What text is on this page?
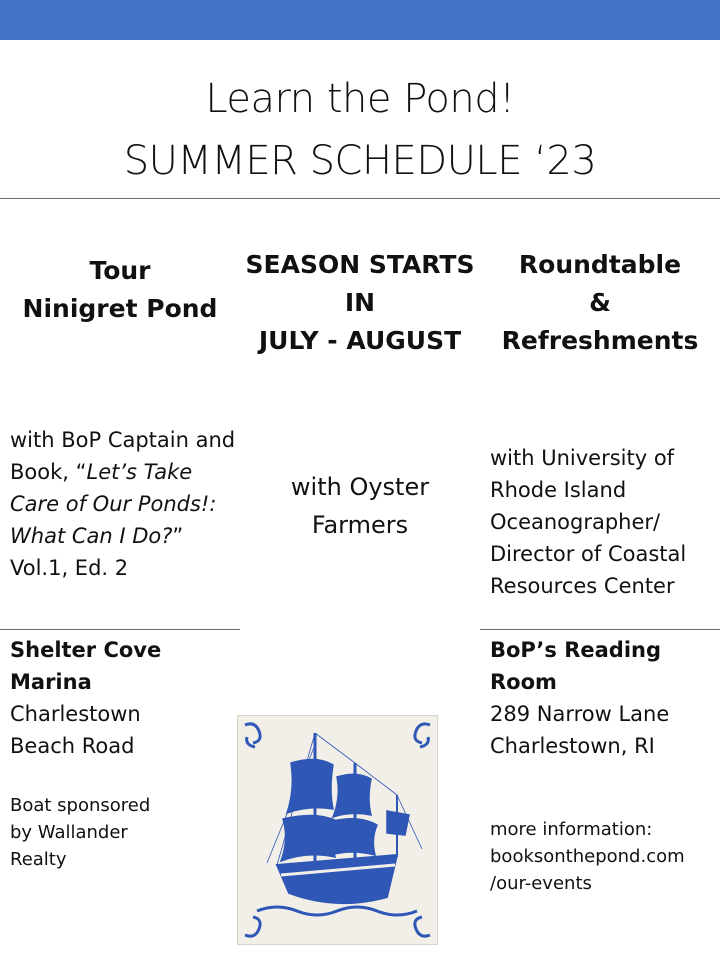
Learn the Pond!
SUMMER SCHEDULE ‘23
Tour
Ninigret Pond
SEASON STARTS
IN
JULY - AUGUST
Roundtable
&
Refreshments
with BoP Captain and Book, “Let’s Take Care of Our Ponds!: What Can I Do?” Vol.1, Ed. 2
with Oyster
Farmers
with University of
Rhode Island
Oceanographer/
Director of Coastal
Resources Center
Shelter Cove
Marina
Charlestown
Beach Road
Boat sponsored
by Wallander
Realty
BoP’s Reading
Room
289 Narrow Lane
Charlestown, RI
more information:
booksonthepond.com
/our-events
